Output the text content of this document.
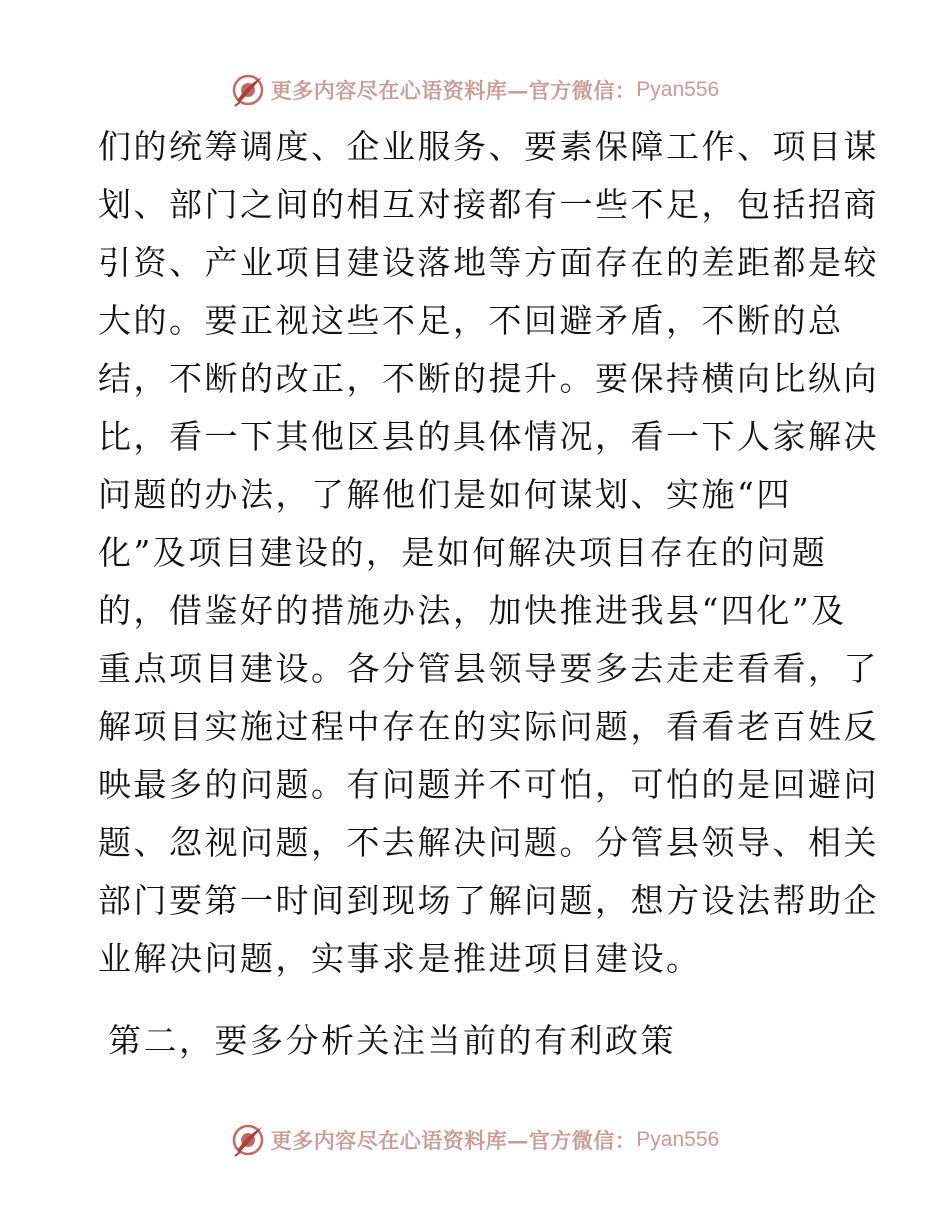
更多内容尽在心语资料库—官方微信： Pyan556
们的统筹调度、企业服务、要素保障工作、项目谋
划、部门之间的相互对接都有一些不足，包括招商
引资、产业项目建设落地等方面存在的差距都是较
大的。要正视这些不足，不回避矛盾，不断的总
结，不断的改正，不断的提升。要保持横向比纵向
比，看一下其他区县的具体情况，看一下人家解决
问题的办法，了解他们是如何谋划、实施“四
化”及项目建设的，是如何解决项目存在的问题
的，借鉴好的措施办法，加快推进我县“四化”及
重点项目建设。各分管县领导要多去走走看看，了
解项目实施过程中存在的实际问题，看看老百姓反
映最多的问题。有问题并不可怕，可怕的是回避问
题、忽视问题，不去解决问题。分管县领导、相关
部门要第一时间到现场了解问题，想方设法帮助企
业解决问题，实事求是推进项目建设。
第二，要多分析关注当前的有利政策
更多内容尽在心语资料库—官方微信： Pyan556
